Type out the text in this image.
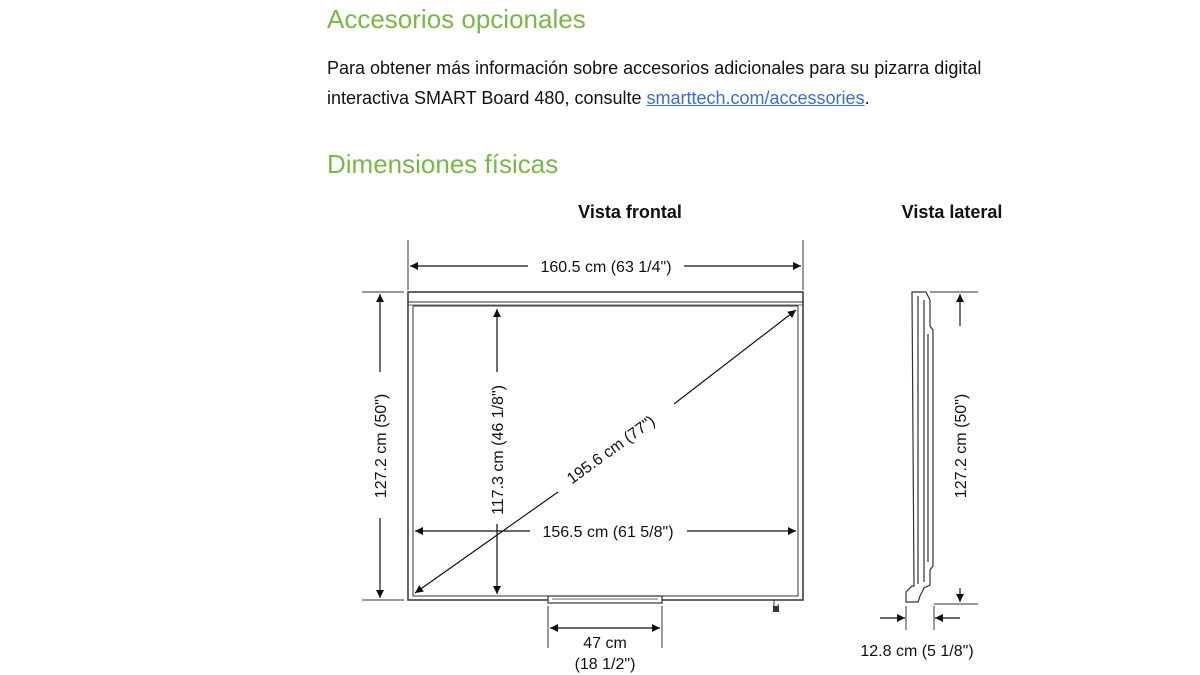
Accesorios opcionales

Para obtener más información sobre accesorios adicionales para su pizarra digital interactiva SMART Board 480, consulte smarttech.com/accessories.

Dimensiones físicas
Vista frontal	Vista lateral
160.5 cm (63 1/4")
127.2 cm (50")	117.3 cm (46 1/8")	195.6 cm (77")
156.5 cm (61 5/8")
47 cm
(18 1/2")
127.2 cm (50")
12.8 cm (5 1/8")
